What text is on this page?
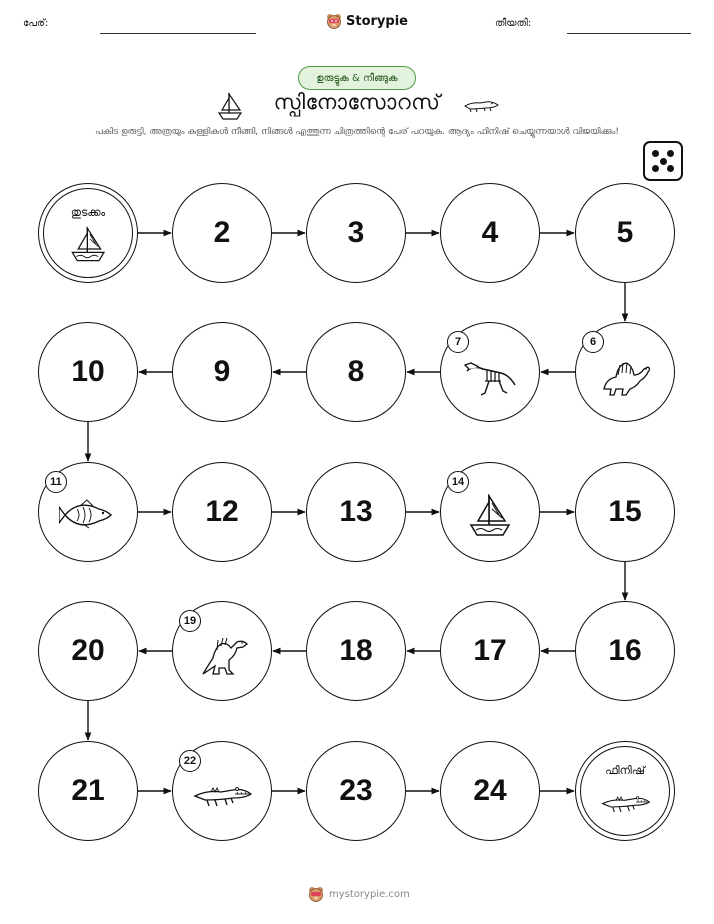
പേര്:	Storypie	തീയതി:
ഉരുട്ടുക & നീങ്ങുക
സ്പിനോസോറസ്
പകിട ഉരുട്ടി, അത്രയും കള്ളികൾ നീങ്ങി, നിങ്ങൾ എത്തുന്ന ചിത്രത്തിന്റെ പേര് പറയുക. ആദ്യം ഫിനിഷ് ചെയ്യുന്നയാൾ വിജയിക്കും!
തുടക്കം
2	3	4	5
6
7
8
9
10
11
12	13
14
15
16
17
18
19
20
21
22
23	24
ഫിനിഷ്
mystorypie.com
